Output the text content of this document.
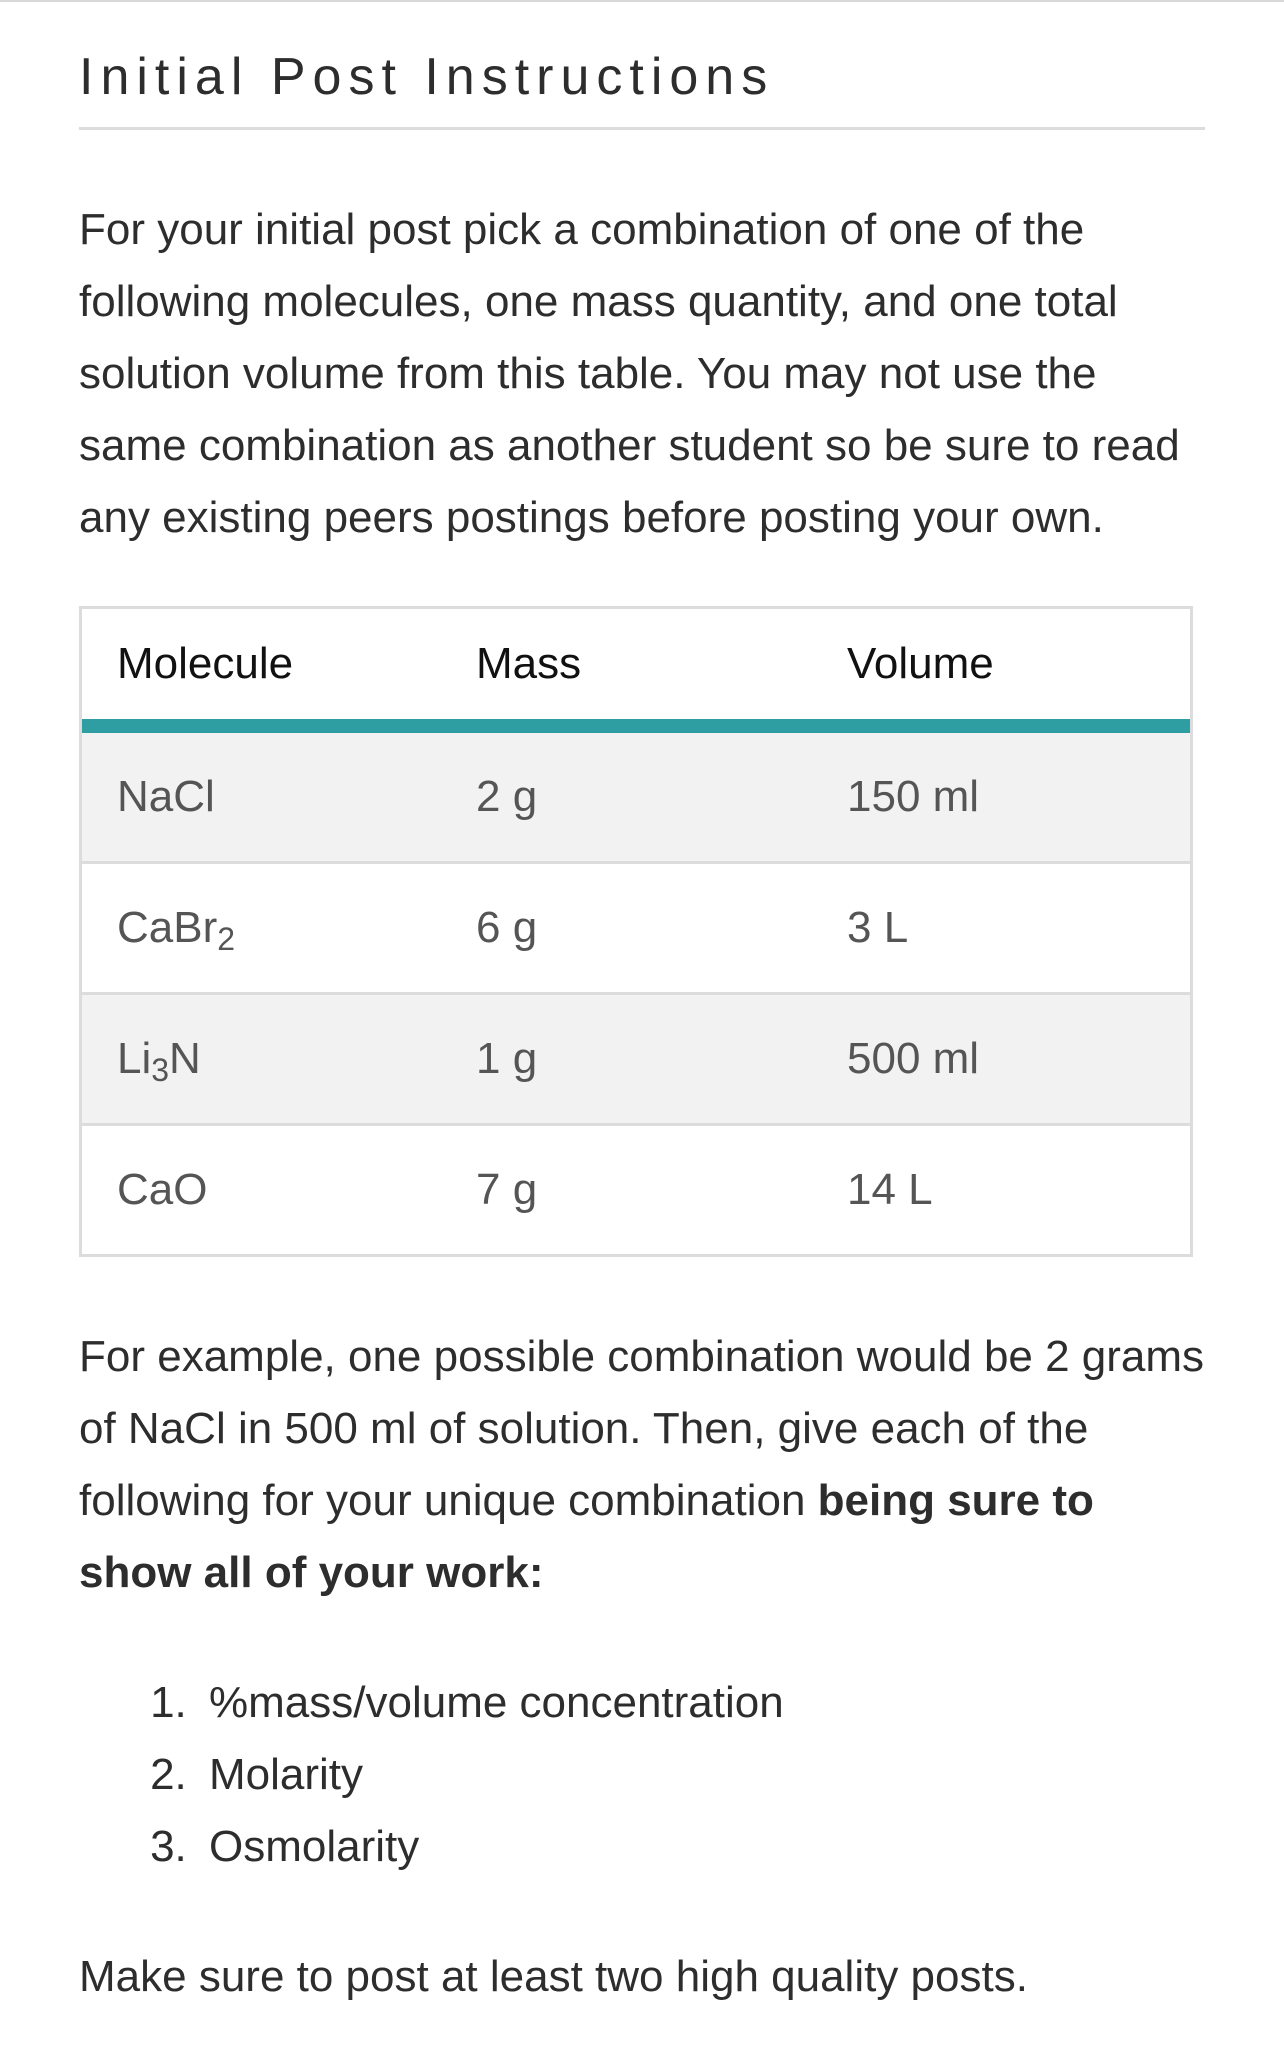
Initial Post Instructions

For your initial post pick a combination of one of the following molecules, one mass quantity, and one total solution volume from this table. You may not use the same combination as another student so be sure to read any existing peers postings before posting your own.

Molecule	Mass	Volume
NaCl	2 g	150 ml
CaBr$_2$	6 g	3 L
$Li_3N$	1 g	500 ml
CaO	7 g	14 L

For example, one possible combination would be 2 grams of NaCl in 500 ml of solution. Then, give each of the following for your unique combination being sure to show all of your work:

1. %mass/volume concentration
2. Molarity
3. Osmolarity

Make sure to post at least two high quality posts.
